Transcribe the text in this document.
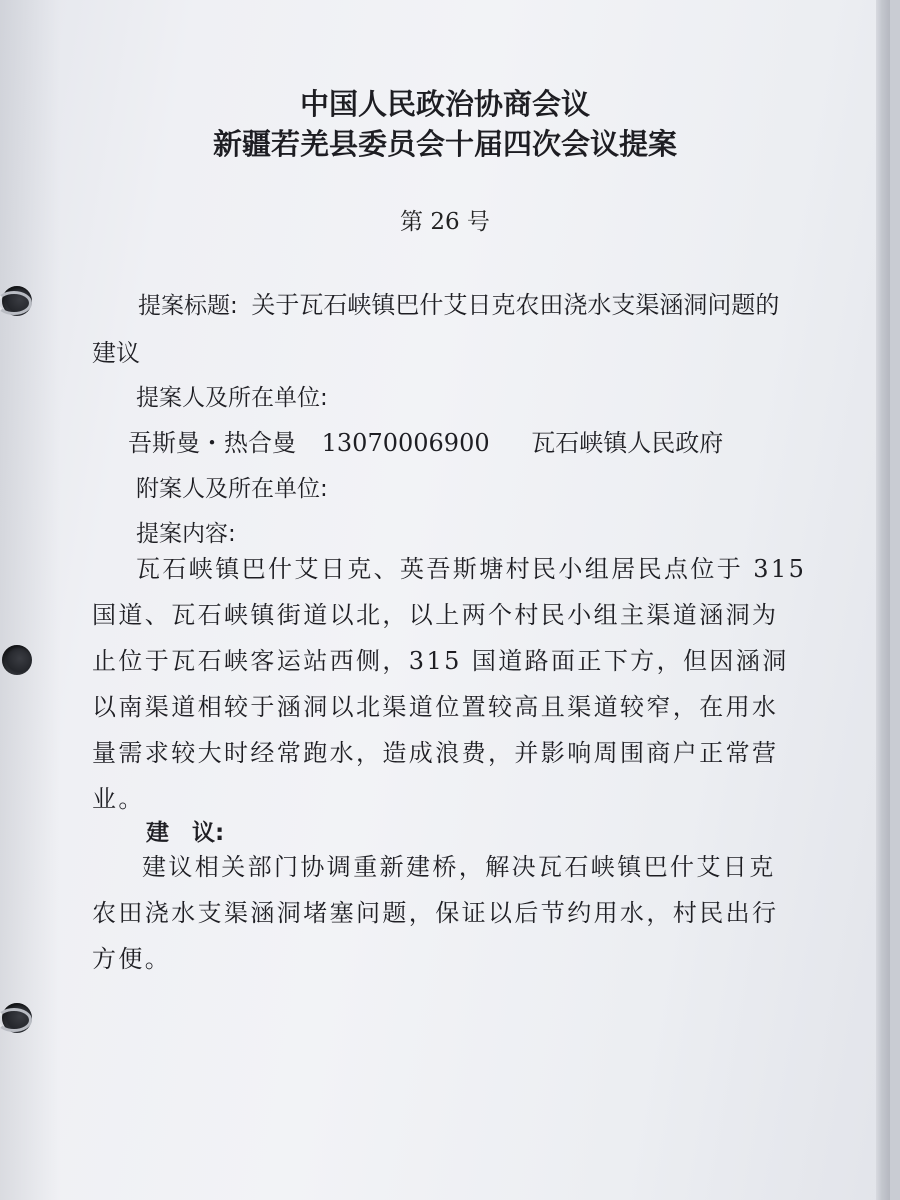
中国人民政治协商会议
新疆若羌县委员会十届四次会议提案
第 26 号
提案标题: 关于瓦石峡镇巴什艾日克农田浇水支渠涵洞问题的
建议
提案人及所在单位:
吾斯曼・热合曼 13070006900 瓦石峡镇人民政府
附案人及所在单位:
提案内容:
瓦石峡镇巴什艾日克、英吾斯塘村民小组居民点位于 315
国道、瓦石峡镇街道以北，以上两个村民小组主渠道涵洞为
止位于瓦石峡客运站西侧，315 国道路面正下方，但因涵洞
以南渠道相较于涵洞以北渠道位置较高且渠道较窄，在用水
量需求较大时经常跑水，造成浪费，并影响周围商户正常营
业。
建　议:
建议相关部门协调重新建桥，解决瓦石峡镇巴什艾日克
农田浇水支渠涵洞堵塞问题，保证以后节约用水，村民出行
方便。
